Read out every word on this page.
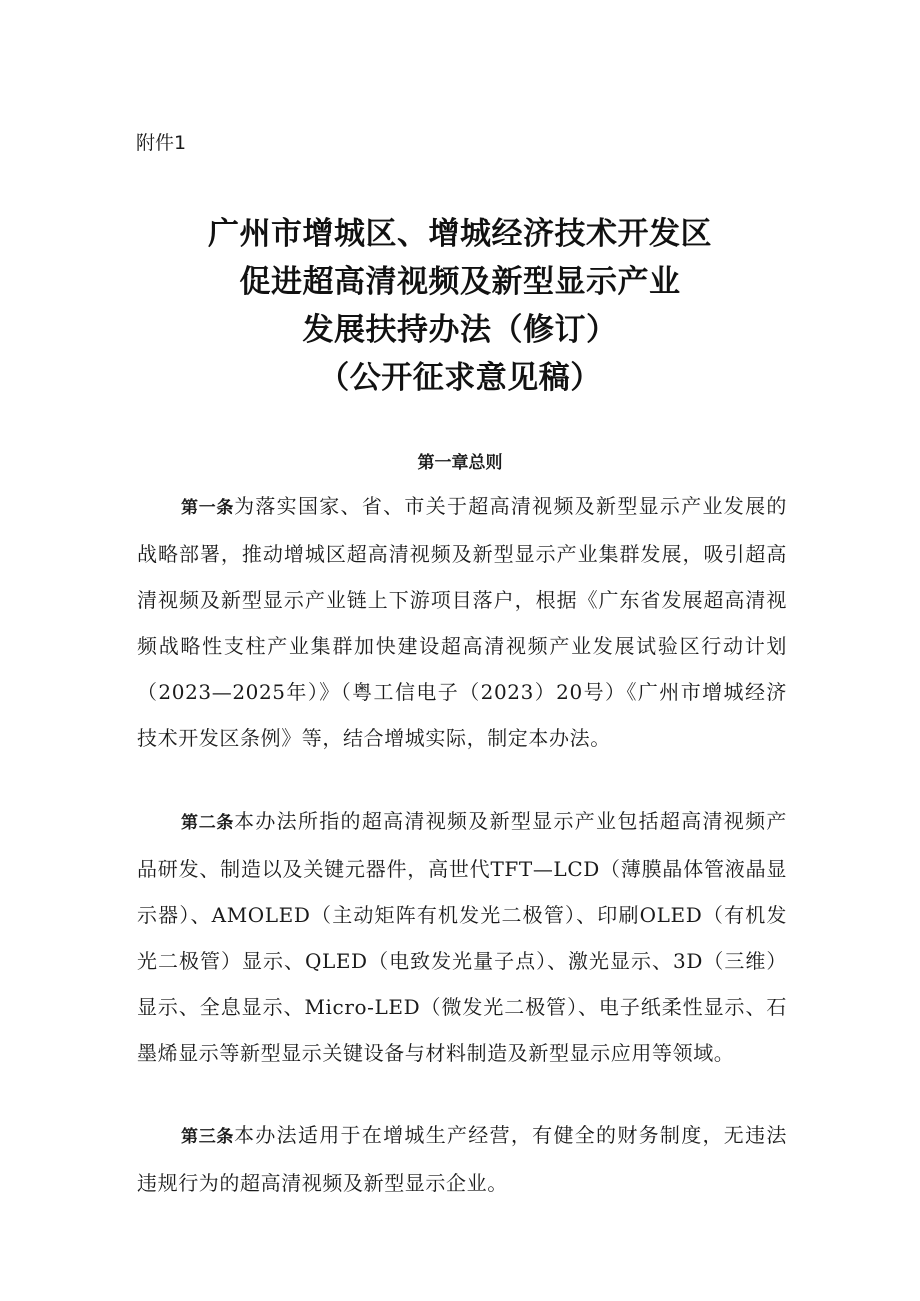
附件1

广州市增城区、增城经济技术开发区
促进超高清视频及新型显示产业
发展扶持办法（修订）
（公开征求意见稿）
第一章总则

第一条为落实国家、省、市关于超高清视频及新型显示产业发展的战略部署，推动增城区超高清视频及新型显示产业集群发展，吸引超高清视频及新型显示产业链上下游项目落户，根据《广东省发展超高清视频战略性支柱产业集群加快建设超高清视频产业发展试验区行动计划（2023—2025年）》（粤工信电子（2023）20号）《广州市增城经济技术开发区条例》等，结合增城实际，制定本办法。

第二条本办法所指的超高清视频及新型显示产业包括超高清视频产品研发、制造以及关键元器件，高世代TFT—LCD（薄膜晶体管液晶显示器）、AMOLED（主动矩阵有机发光二极管）、印刷OLED（有机发光二极管）显示、QLED（电致发光量子点）、激光显示、3D（三维）显示、全息显示、Micro-LED（微发光二极管）、电子纸柔性显示、石墨烯显示等新型显示关键设备与材料制造及新型显示应用等领域。

第三条本办法适用于在增城生产经营，有健全的财务制度，无违法违规行为的超高清视频及新型显示企业。
